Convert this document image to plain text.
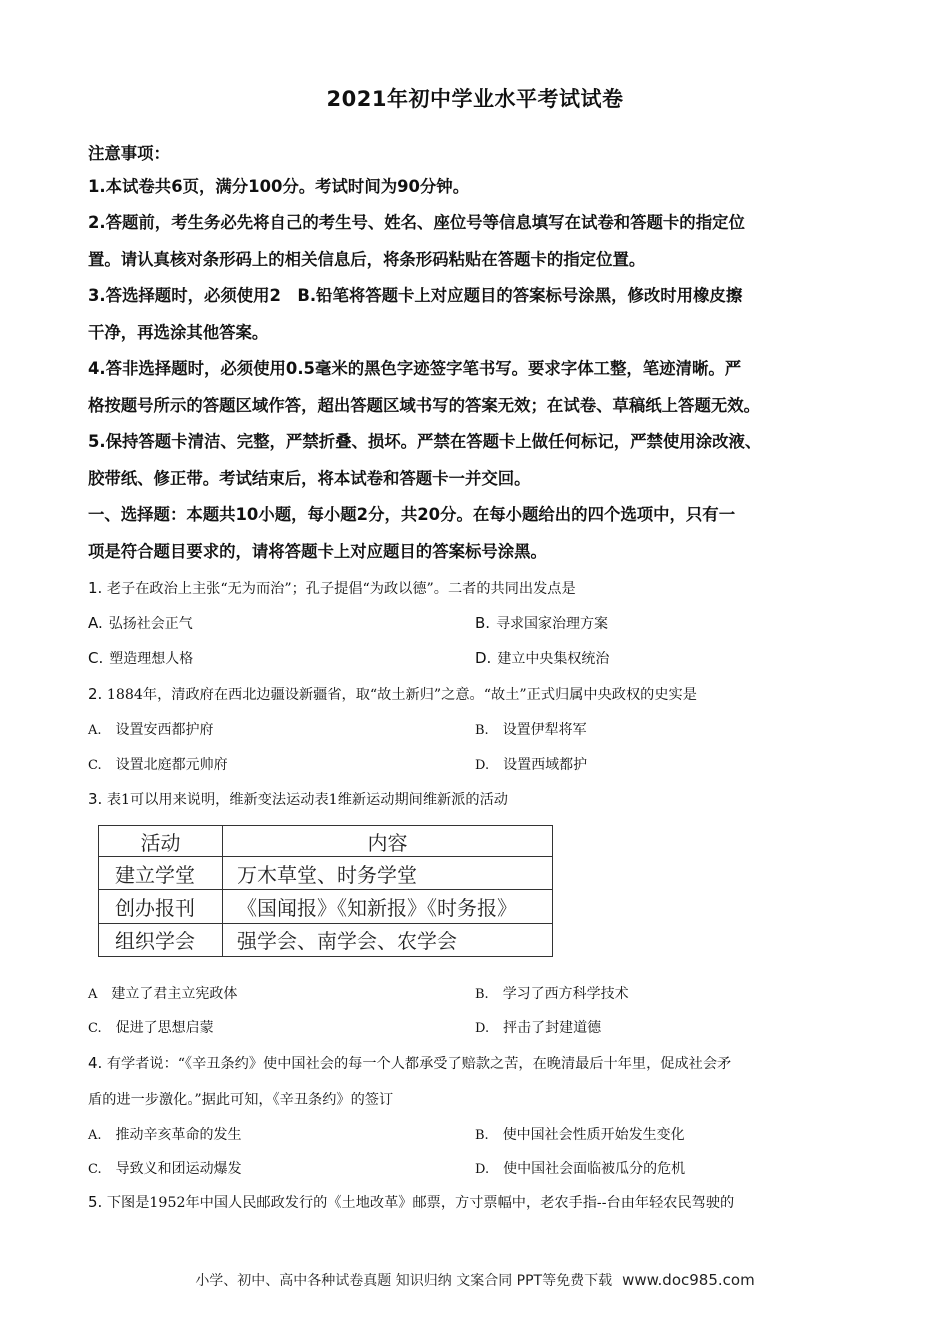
2021年初中学业水平考试试卷
注意事项：
1.本试卷共6页，满分100分。考试时间为90分钟。
2.答题前，考生务必先将自己的考生号、姓名、座位号等信息填写在试卷和答题卡的指定位
置。请认真核对条形码上的相关信息后，将条形码粘贴在答题卡的指定位置。
3.答选择题时，必须使用2　B.铅笔将答题卡上对应题目的答案标号涂黑，修改时用橡皮擦
干净，再选涂其他答案。
4.答非选择题时，必须使用0.5毫米的黑色字迹签字笔书写。要求字体工整，笔迹清晰。严
格按题号所示的答题区域作答，超出答题区域书写的答案无效；在试卷、草稿纸上答题无效。
5.保持答题卡清洁、完整，严禁折叠、损坏。严禁在答题卡上做任何标记，严禁使用涂改液、
胶带纸、修正带。考试结束后，将本试卷和答题卡一并交回。
一、选择题：本题共10小题，每小题2分，共20分。在每小题给出的四个选项中，只有一
项是符合题目要求的，请将答题卡上对应题目的答案标号涂黑。
1. 老子在政治上主张“无为而治”；孔子提倡“为政以德”。二者的共同出发点是
A. 弘扬社会正气	B. 寻求国家治理方案
C. 塑造理想人格	D. 建立中央集权统治
2. 1884年，清政府在西北边疆设新疆省，取“故土新归”之意。“故土”正式归属中央政权的史实是
A. 设置安西都护府	B. 设置伊犁将军
C. 设置北庭都元帅府	D. 设置西域都护
3. 表1可以用来说明，维新变法运动表1维新运动期间维新派的活动
活动	内容
建立学堂	万木草堂、时务学堂
创办报刊	《国闻报》《知新报》《时务报》
组织学会	强学会、南学会、农学会
A 建立了君主立宪政体	B. 学习了西方科学技术
C. 促进了思想启蒙	D. 抨击了封建道德
4. 有学者说：“《辛丑条约》使中国社会的每一个人都承受了赔款之苦，在晚清最后十年里，促成社会矛
盾的进一步激化。”据此可知，《辛丑条约》的签订
A. 推动辛亥革命的发生	B. 使中国社会性质开始发生变化
C. 导致义和团运动爆发	D. 使中国社会面临被瓜分的危机
5. 下图是1952年中国人民邮政发行的《土地改革》邮票，方寸票幅中，老农手指--台由年轻农民驾驶的
小学、初中、高中各种试卷真题 知识归纳 文案合同 PPT等免费下载 www.doc985.com
